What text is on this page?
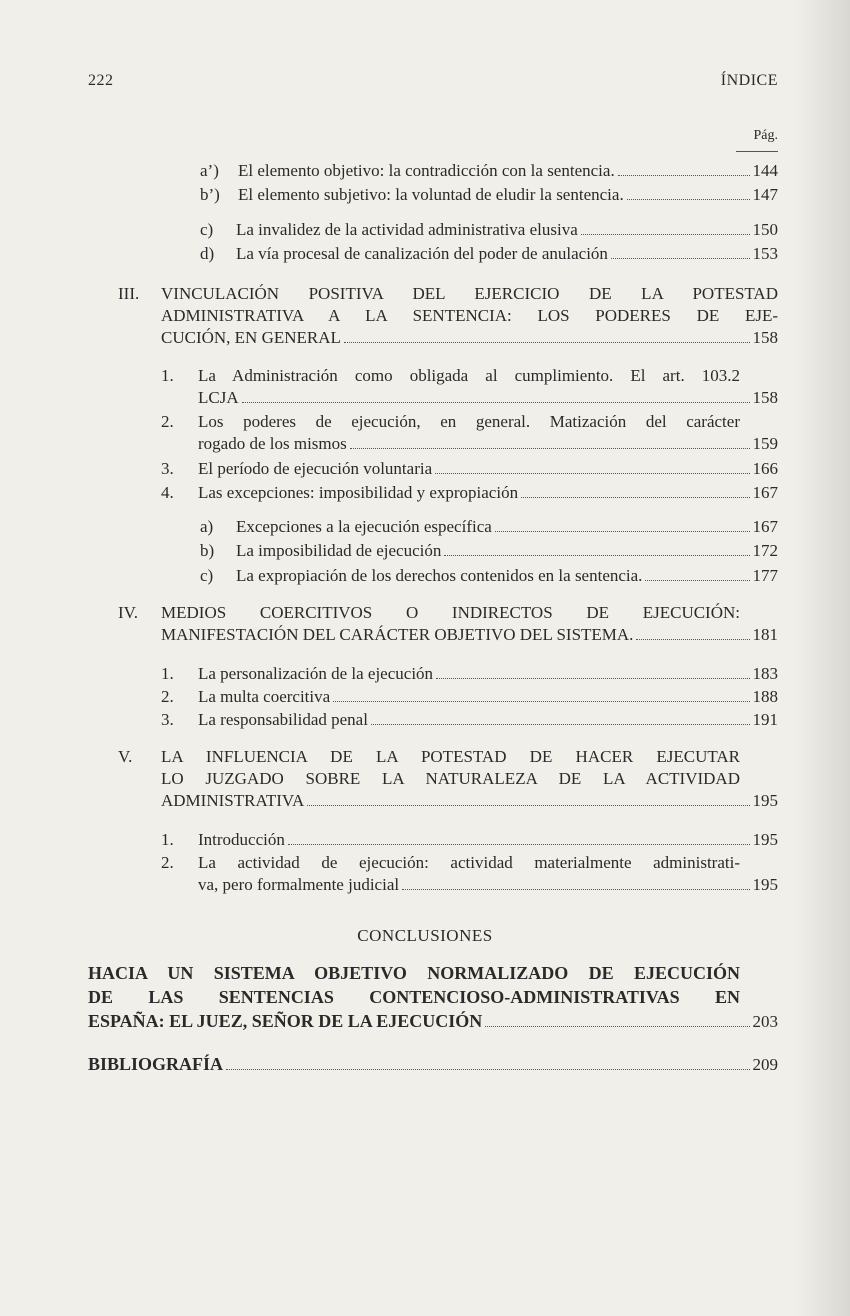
222	ÍNDICE
Pág.
a’)	El elemento objetivo: la contradicción con la sentencia.	144
b’)	El elemento subjetivo: la voluntad de eludir la sentencia.	147
c)	La invalidez de la actividad administrativa elusiva	150
d)	La vía procesal de canalización del poder de anulación	153
III.	VINCULACIÓN POSITIVA DEL EJERCICIO DE LA POTESTAD
ADMINISTRATIVA A LA SENTENCIA: LOS PODERES DE EJE-
CUCIÓN, EN GENERAL	158
1.	La Administración como obligada al cumplimiento. El art. 103.2
LCJA	158
2.	Los poderes de ejecución, en general. Matización del carácter
rogado de los mismos	159
3.	El período de ejecución voluntaria	166
4.	Las excepciones: imposibilidad y expropiación	167
a)	Excepciones a la ejecución específica	167
b)	La imposibilidad de ejecución	172
c)	La expropiación de los derechos contenidos en la sentencia.	177
IV.	MEDIOS COERCITIVOS O INDIRECTOS DE EJECUCIÓN:
MANIFESTACIÓN DEL CARÁCTER OBJETIVO DEL SISTEMA.	181
1.	La personalización de la ejecución	183
2.	La multa coercitiva	188
3.	La responsabilidad penal	191
V.	LA INFLUENCIA DE LA POTESTAD DE HACER EJECUTAR
LO JUZGADO SOBRE LA NATURALEZA DE LA ACTIVIDAD
ADMINISTRATIVA	195
1.	Introducción	195
2.	La actividad de ejecución: actividad materialmente administrati-
va, pero formalmente judicial	195
CONCLUSIONES
HACIA UN SISTEMA OBJETIVO NORMALIZADO DE EJECUCIÓN
DE LAS SENTENCIAS CONTENCIOSO-ADMINISTRATIVAS EN
ESPAÑA: EL JUEZ, SEÑOR DE LA EJECUCIÓN	203
BIBLIOGRAFÍA	209
